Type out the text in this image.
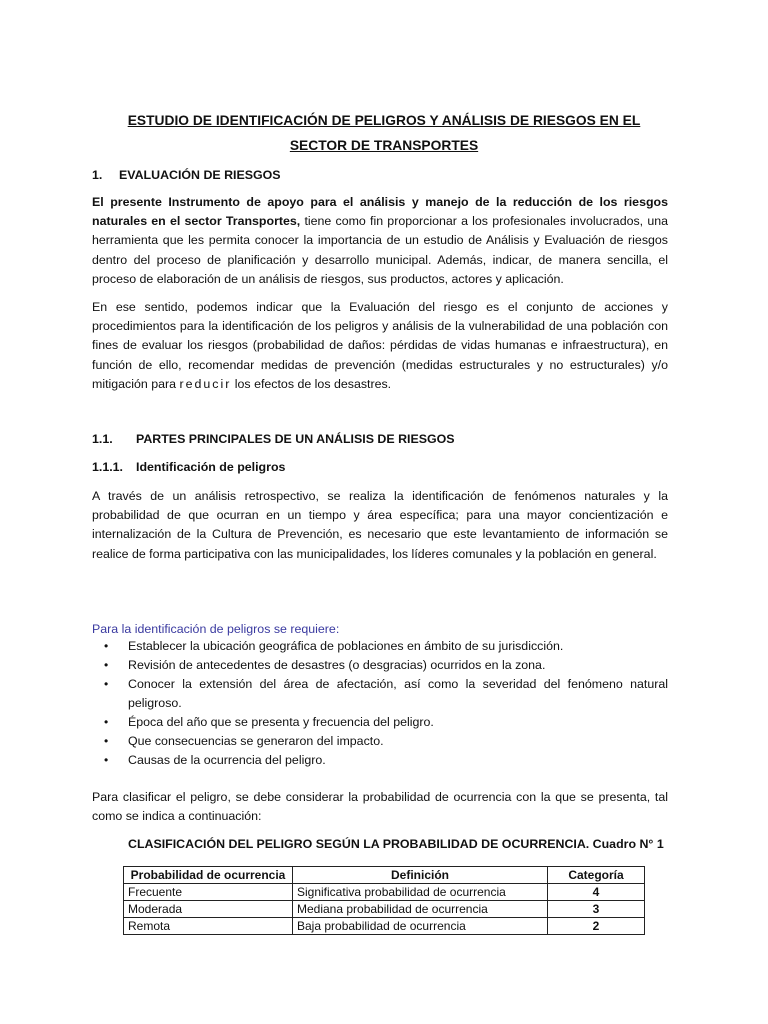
ESTUDIO DE IDENTIFICACIÓN DE PELIGROS Y ANÁLISIS DE RIESGOS EN EL
SECTOR DE TRANSPORTES
1. EVALUACIÓN DE RIESGOS
El presente Instrumento de apoyo para el análisis y manejo de la reducción de los riesgos naturales en el sector Transportes, tiene como fin proporcionar a los profesionales involucrados, una herramienta que les permita conocer la importancia de un estudio de Análisis y Evaluación de riesgos dentro del proceso de planificación y desarrollo municipal. Además, indicar, de manera sencilla, el proceso de elaboración de un análisis de riesgos, sus productos, actores y aplicación.
En ese sentido, podemos indicar que la Evaluación del riesgo es el conjunto de acciones y procedimientos para la identificación de los peligros y análisis de la vulnerabilidad de una población con fines de evaluar los riesgos (probabilidad de daños: pérdidas de vidas humanas e infraestructura), en función de ello, recomendar medidas de prevención (medidas estructurales y no estructurales) y/o mitigación para reducir los efectos de los desastres.
1.1. PARTES PRINCIPALES DE UN ANÁLISIS DE RIESGOS
1.1.1. Identificación de peligros
A través de un análisis retrospectivo, se realiza la identificación de fenómenos naturales y la probabilidad de que ocurran en un tiempo y área específica; para una mayor concientización e internalización de la Cultura de Prevención, es necesario que este levantamiento de información se realice de forma participativa con las municipalidades, los líderes comunales y la población en general.
Para la identificación de peligros se requiere:
• Establecer la ubicación geográfica de poblaciones en ámbito de su jurisdicción.
• Revisión de antecedentes de desastres (o desgracias) ocurridos en la zona.
• Conocer la extensión del área de afectación, así como la severidad del fenómeno natural peligroso.
• Época del año que se presenta y frecuencia del peligro.
• Que consecuencias se generaron del impacto.
• Causas de la ocurrencia del peligro.
Para clasificar el peligro, se debe considerar la probabilidad de ocurrencia con la que se presenta, tal como se indica a continuación:
CLASIFICACIÓN DEL PELIGRO SEGÚN LA PROBABILIDAD DE OCURRENCIA. Cuadro N° 1
Probabilidad de ocurrencia	Definición	Categoría
Frecuente	Significativa probabilidad de ocurrencia	4
Moderada	Mediana probabilidad de ocurrencia	3
Remota	Baja probabilidad de ocurrencia	2
